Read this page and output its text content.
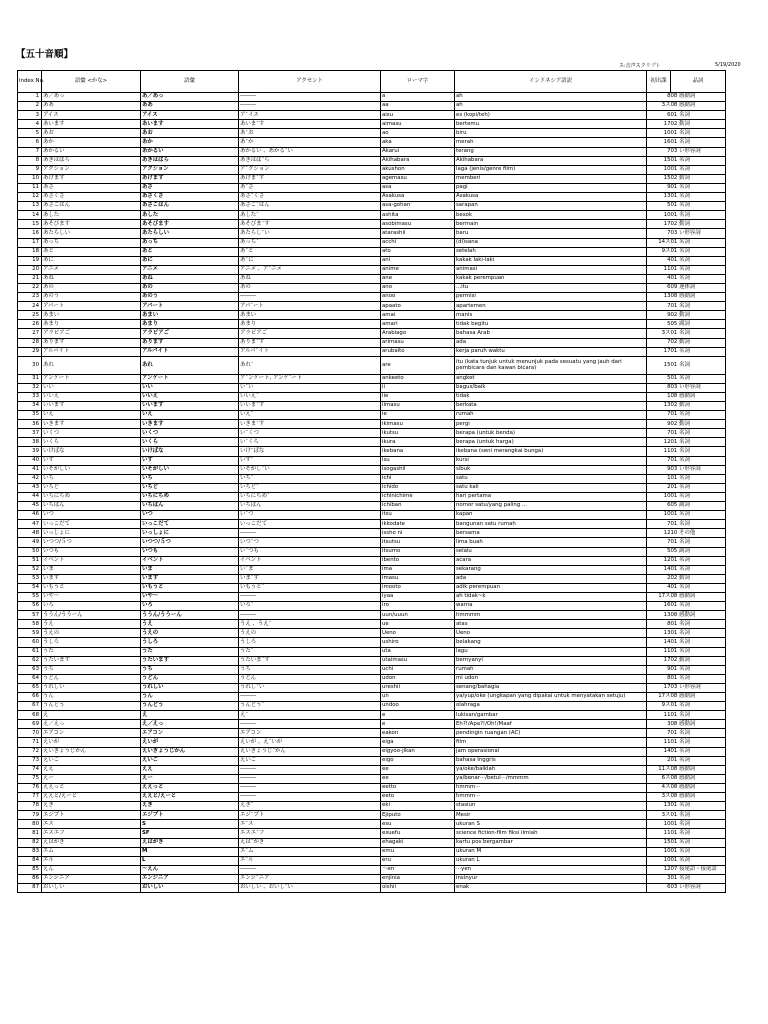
【五十音順】
ス:音声スクリプト	5/19/2020
Index No.	語彙 <かな>	語彙	アクセント	ローマ字	インドネシア語訳	初出課	品詞
1	あ／あっ	あ／あっ	―――	a	ah	8	08 感動詞
2	ああ	ああ	―――	aa	ah	3ス	08 感動詞
3	アイス	アイス	ア¯イス	aisu	es (kopi/teh)	6	01 名詞
4	あいます	あいます	あいま¯す	aimasu	bertemu	17	02 動詞
5	あお	あお	あ¯お	ao	biru	10	01 名詞
6	あか	あか	あ¯か	aka	merah	16	01 名詞
7	あかるい	あかるい	あかるい 、あかる¯い	Akarui	terang	7	03 い形容詞
8	あきはばら	あきはばら	あきはば¯ら	Akihabara	Akihabara	15	01 名詞
9	アクション	アクション	ア¯クション	akushon	laga (jenis/genre film)	10	01 名詞
10	あげます	あげます	あげま¯す	agemasu	memberi	15	02 動詞
11	あさ	あさ	あ¯さ	asa	pagi	9	01 名詞
12	あさくさ	あさくさ	あさ¯くさ	Asakusa	Asakusa	13	01 名詞
13	あさごはん	あさごはん	あさご¯はん	asa-gohan	sarapan	5	01 名詞
14	あした	あした	あした¯	ashita	besok	10	01 名詞
15	あそびます	あそびます	あそびま¯す	asobimasu	bermain	17	02 動詞
16	あたらしい	あたらしい	あたらし¯い	atarashii	baru	7	03 い形容詞
17	あっち	あっち	あっち¯	acchi	(di)sana	14ス	01 名詞
18	あと	あと	あ¯と	ato	setelah	9ス	01 名詞
19	あに	あに	あ¯に	ani	kakak laki-laki	4	01 名詞
20	アニメ	アニメ	アニメ 、ア¯ニメ	anime	animasi	11	01 名詞
21	あね	あね	あね	ane	kakak perempuan	4	01 名詞
22	あの	あの	あの	ano	...itu	6	09 連体詞
23	あのう	あのう	―――	anoo	permisi	13	08 感動詞
24	アパート	アパート	アパ¯ート	apaato	apartemen	7	01 名詞
25	あまい	あまい	あまい	amai	manis	9	02 動詞
26	あまり	あまり	あまり	amari	tidak begitu	5	05 副詞
27	アラビアご	アラビアご	アラビアご	Arabiago	bahasa Arab	3ス	01 名詞
28	あります	あります	ありま¯す	arimasu	ada	7	02 動詞
29	アルバイト	アルバイト	アルバ¯イト	arubaito	kerja paruh waktu	17	01 名詞
30	あれ	あれ	あれ¯	are	itu (kata tunjuk untuk menunjuk pada sesuatu yang jauh dari pembicara dan kawan bicara)	15	01 名詞
31	アンケート	アンケート	ア¯ンケート, アンケ¯ート	ankeeto	angket	5	01 名詞
32	いい	いい	い¯い	ii	bagus/baik	8	03 い形容詞
33	いいえ	いいえ	いいえ¯	iie	tidak	1	08 感動詞
34	いいます	いいます	いいま¯す	iimasu	berkata	13	02 動詞
35	いえ	いえ	いえ¯	ie	rumah	7	01 名詞
36	いきます	いきます	いきま¯す	ikimasu	pergi	9	02 動詞
37	いくつ	いくつ	い¯くつ	ikutsu	berapa (untuk benda)	7	01 名詞
38	いくら	いくら	い¯くら	ikura	berapa (untuk harga)	12	01 名詞
39	いけばな	いけばな	いけ¯ばな	ikebana	ikebana (seni merangkai bunga)	11	01 名詞
40	いす	いす	いす¯	isu	kursi	7	01 名詞
41	いそがしい	いそがしい	いそがし¯い	isogashii	sibuk	9	03 い形容詞
42	いち	いち	いち¯	ichi	satu	1	01 名詞
43	いちど	いちど	いちど¯	ichido	satu kali	2	01 名詞
44	いちにちめ	いちにちめ	いちにちめ¯	ichinichime	hari pertama	10	01 名詞
45	いちばん	いちばん	いちばん	ichiban	nomor satu/yang paling ...	6	05 副詞
46	いつ	いつ	い¯つ	itsu	kapan	10	01 名詞
47	いっこだて	いっこだて	いっこだて	ikkodate	bangunan satu rumah	7	01 名詞
48	いっしょに	いっしょに	―――	issho ni	bersama	12	10 その他
49	いつつ/５つ	いつつ/５つ	いつ¯つ	itsutsu	lima buah	7	01 名詞
50	いつも	いつも	い¯つも	itsumo	selalu	5	05 副詞
51	イベント	イベント	イベント	ibento	acara	12	01 名詞
52	いま	いま	い¯ま	ima	sekarang	14	01 名詞
53	います	います	いま¯す	imasu	ada	2	02 動詞
54	いもうと	いもうと	いもうと¯	imooto	adik perempuan	4	01 名詞
55	いや～	いや～	―――	iyaa	ah tidak~k	17ス	08 感動詞
56	いろ	いろ	いろ¯	iro	warna	16	01 名詞
57	ううん/ううーん	ううん/ううーん	―――	uun/uuun	hmmmm	13	08 感動詞
58	うえ	うえ	うえ 、うえ¯	ue	atas	8	01 名詞
59	うえの	うえの	うえの	Ueno	Ueno	13	01 名詞
60	うしろ	うしろ	うしろ	ushiro	belakang	14	01 名詞
61	うた	うた	うた¯	uta	lagu	11	01 名詞
62	うたいます	うたいます	うたいま¯す	utaimasu	bernyanyi	17	02 動詞
63	うち	うち	うち	uchi	rumah	9	01 名詞
64	うどん	うどん	うどん	udon	mi udon	8	01 名詞
65	うれしい	うれしい	うれし¯い	ureshii	senang/bahagia	17	03 い形容詞
66	うん	うん	―――	un	ya/yup/oke (ungkapan yang dipakai untuk menyatakan setuju)	17ス	08 感動詞
67	うんどう	うんどう	うんどう¯	undoo	olahraga	9ス	01 名詞
68	え	え	え¯	e	lukisan/gambar	11	01 名詞
69	え／えっ	え／えっ	―――	e	Eh?!/Apa?!/Oh!/Maaf	3	08 感動詞
70	エアコン	エアコン	エアコン	eakon	pendingin ruangan (AC)	7	01 名詞
71	えいが	えいが	えいが 、え¯いが	eiga	film	11	01 名詞
72	えいぎょうじかん	えいぎょうじかん	えいぎょうじ¯かん	eigyoo-jikan	jam operasional	14	01 名詞
73	えいご	えいご	えいご	eigo	bahasa Inggris	2	01 名詞
74	ええ	ええ	―――	ee	ya/oke/baiklah	11ス	08 感動詞
75	えー	えー	―――	ee	ya/benar···/betul···/mmmm	6ス	08 感動詞
76	ええっと	ええっと	―――	eetto	hmmm···	4ス	08 感動詞
77	ええと/えーと	ええと/えーと	―――	eeto	hmmm···	3ス	08 感動詞
78	えき	えき	えき¯	eki	stasiun	13	01 名詞
79	エジプト	エジプト	エジ¯プト	Ejiputo	Mesir	3ス	01 名詞
80	エス	S	エ¯ス	esu	ukuran S	10	01 名詞
81	エスエフ	SF	エスエ¯フ	esuefu	science fiction-film fiksi ilmiah	11	01 名詞
82	えはがき	えはがき	えは¯がき	ehagaki	kartu pos bergambar	15	01 名詞
83	エム	M	エ¯ム	emu	ukuran M	10	01 名詞
84	エル	L	エ¯ル	eru	ukuran L	10	01 名詞
85	えん	～えん	―――	～en	···yen	12	07 接尾語・接尾語
86	エンジニア	エンジニア	エンジ¯ニア	enjinia	insinyur	3	01 名詞
87	おいしい	おいしい	おいしい 、おいし¯い	oishii	enak	6	03 い形容詞
